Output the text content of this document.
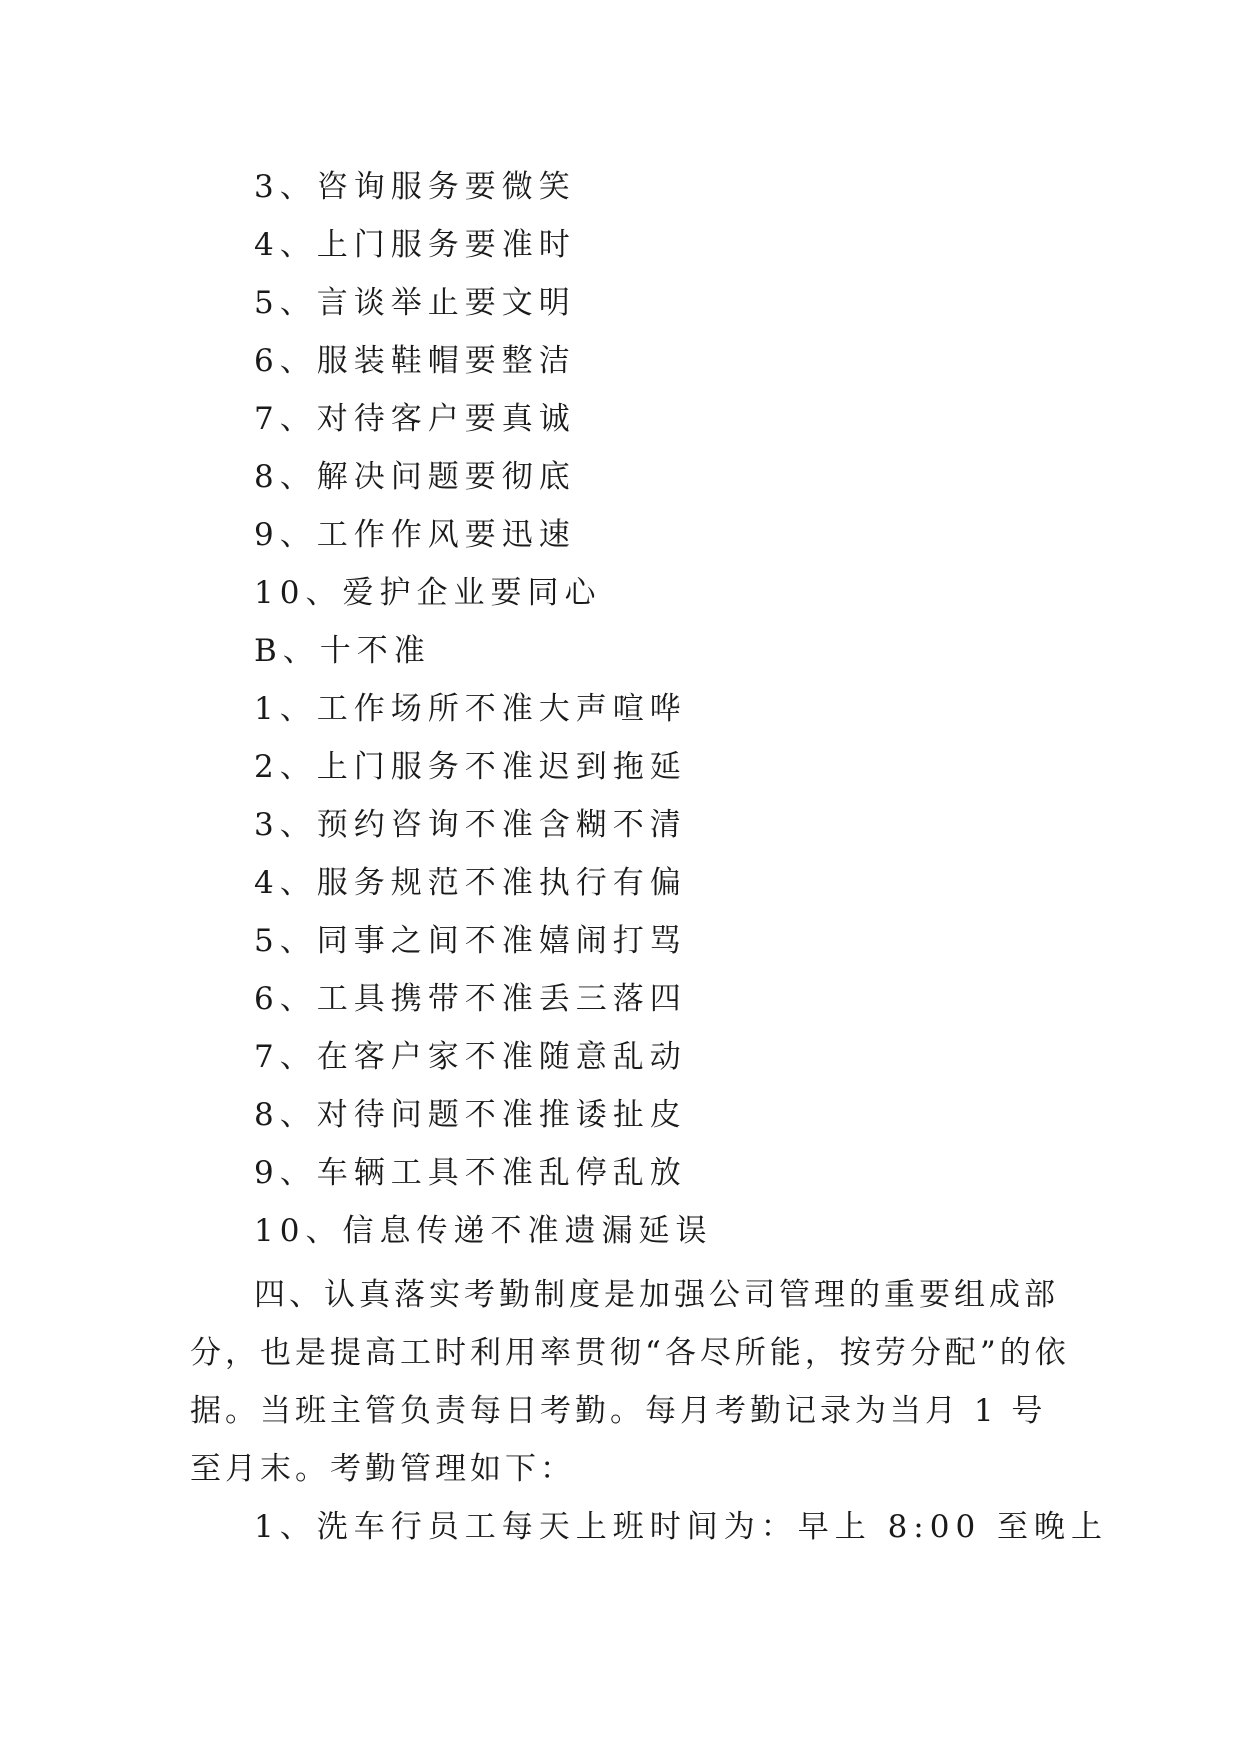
3、咨询服务要微笑
4、上门服务要准时
5、言谈举止要文明
6、服装鞋帽要整洁
7、对待客户要真诚
8、解决问题要彻底
9、工作作风要迅速
10、爱护企业要同心
B、十不准
1、工作场所不准大声喧哗
2、上门服务不准迟到拖延
3、预约咨询不准含糊不清
4、服务规范不准执行有偏
5、同事之间不准嬉闹打骂
6、工具携带不准丢三落四
7、在客户家不准随意乱动
8、对待问题不准推诿扯皮
9、车辆工具不准乱停乱放
10、信息传递不准遗漏延误

四、认真落实考勤制度是加强公司管理的重要组成部分，也是提高工时利用率贯彻“各尽所能，按劳分配”的依据。当班主管负责每日考勤。每月考勤记录为当月 1 号至月末。考勤管理如下：

1、洗车行员工每天上班时间为：早上 8:00 至晚上
